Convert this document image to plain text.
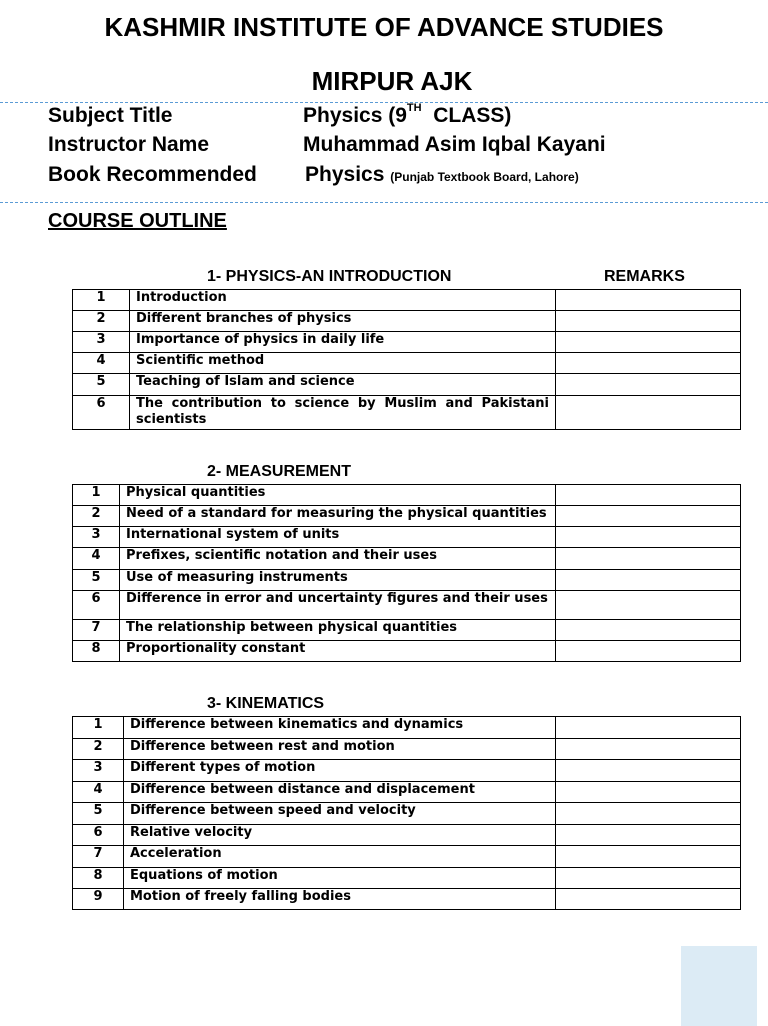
KASHMIR INSTITUTE OF ADVANCE STUDIES
MIRPUR AJK
Subject Title	Physics (9TH  CLASS)
Instructor Name	Muhammad Asim Iqbal Kayani
Book Recommended Physics (Punjab Textbook Board, Lahore)
COURSE OUTLINE
1- PHYSICS-AN INTRODUCTION	REMARKS
1	Introduction	
2	Different branches of physics	
3	Importance of physics in daily life	
4	Scientific method	
5	Teaching of Islam and science	
6	The contribution to science by Muslim and Pakistani scientists	
2- MEASUREMENT
1	Physical quantities	
2	Need of a standard for measuring the physical quantities	
3	International system of units	
4	Prefixes, scientific notation and their uses	
5	Use of measuring instruments	
6	Difference in error and uncertainty figures and their uses	
7	The relationship between physical quantities	
8	Proportionality constant	
3- KINEMATICS
1	Difference between kinematics and dynamics	
2	Difference between rest and motion	
3	Different types of motion	
4	Difference between distance and displacement	
5	Difference between speed and velocity	
6	Relative velocity	
7	Acceleration	
8	Equations of motion	
9	Motion of freely falling bodies	
